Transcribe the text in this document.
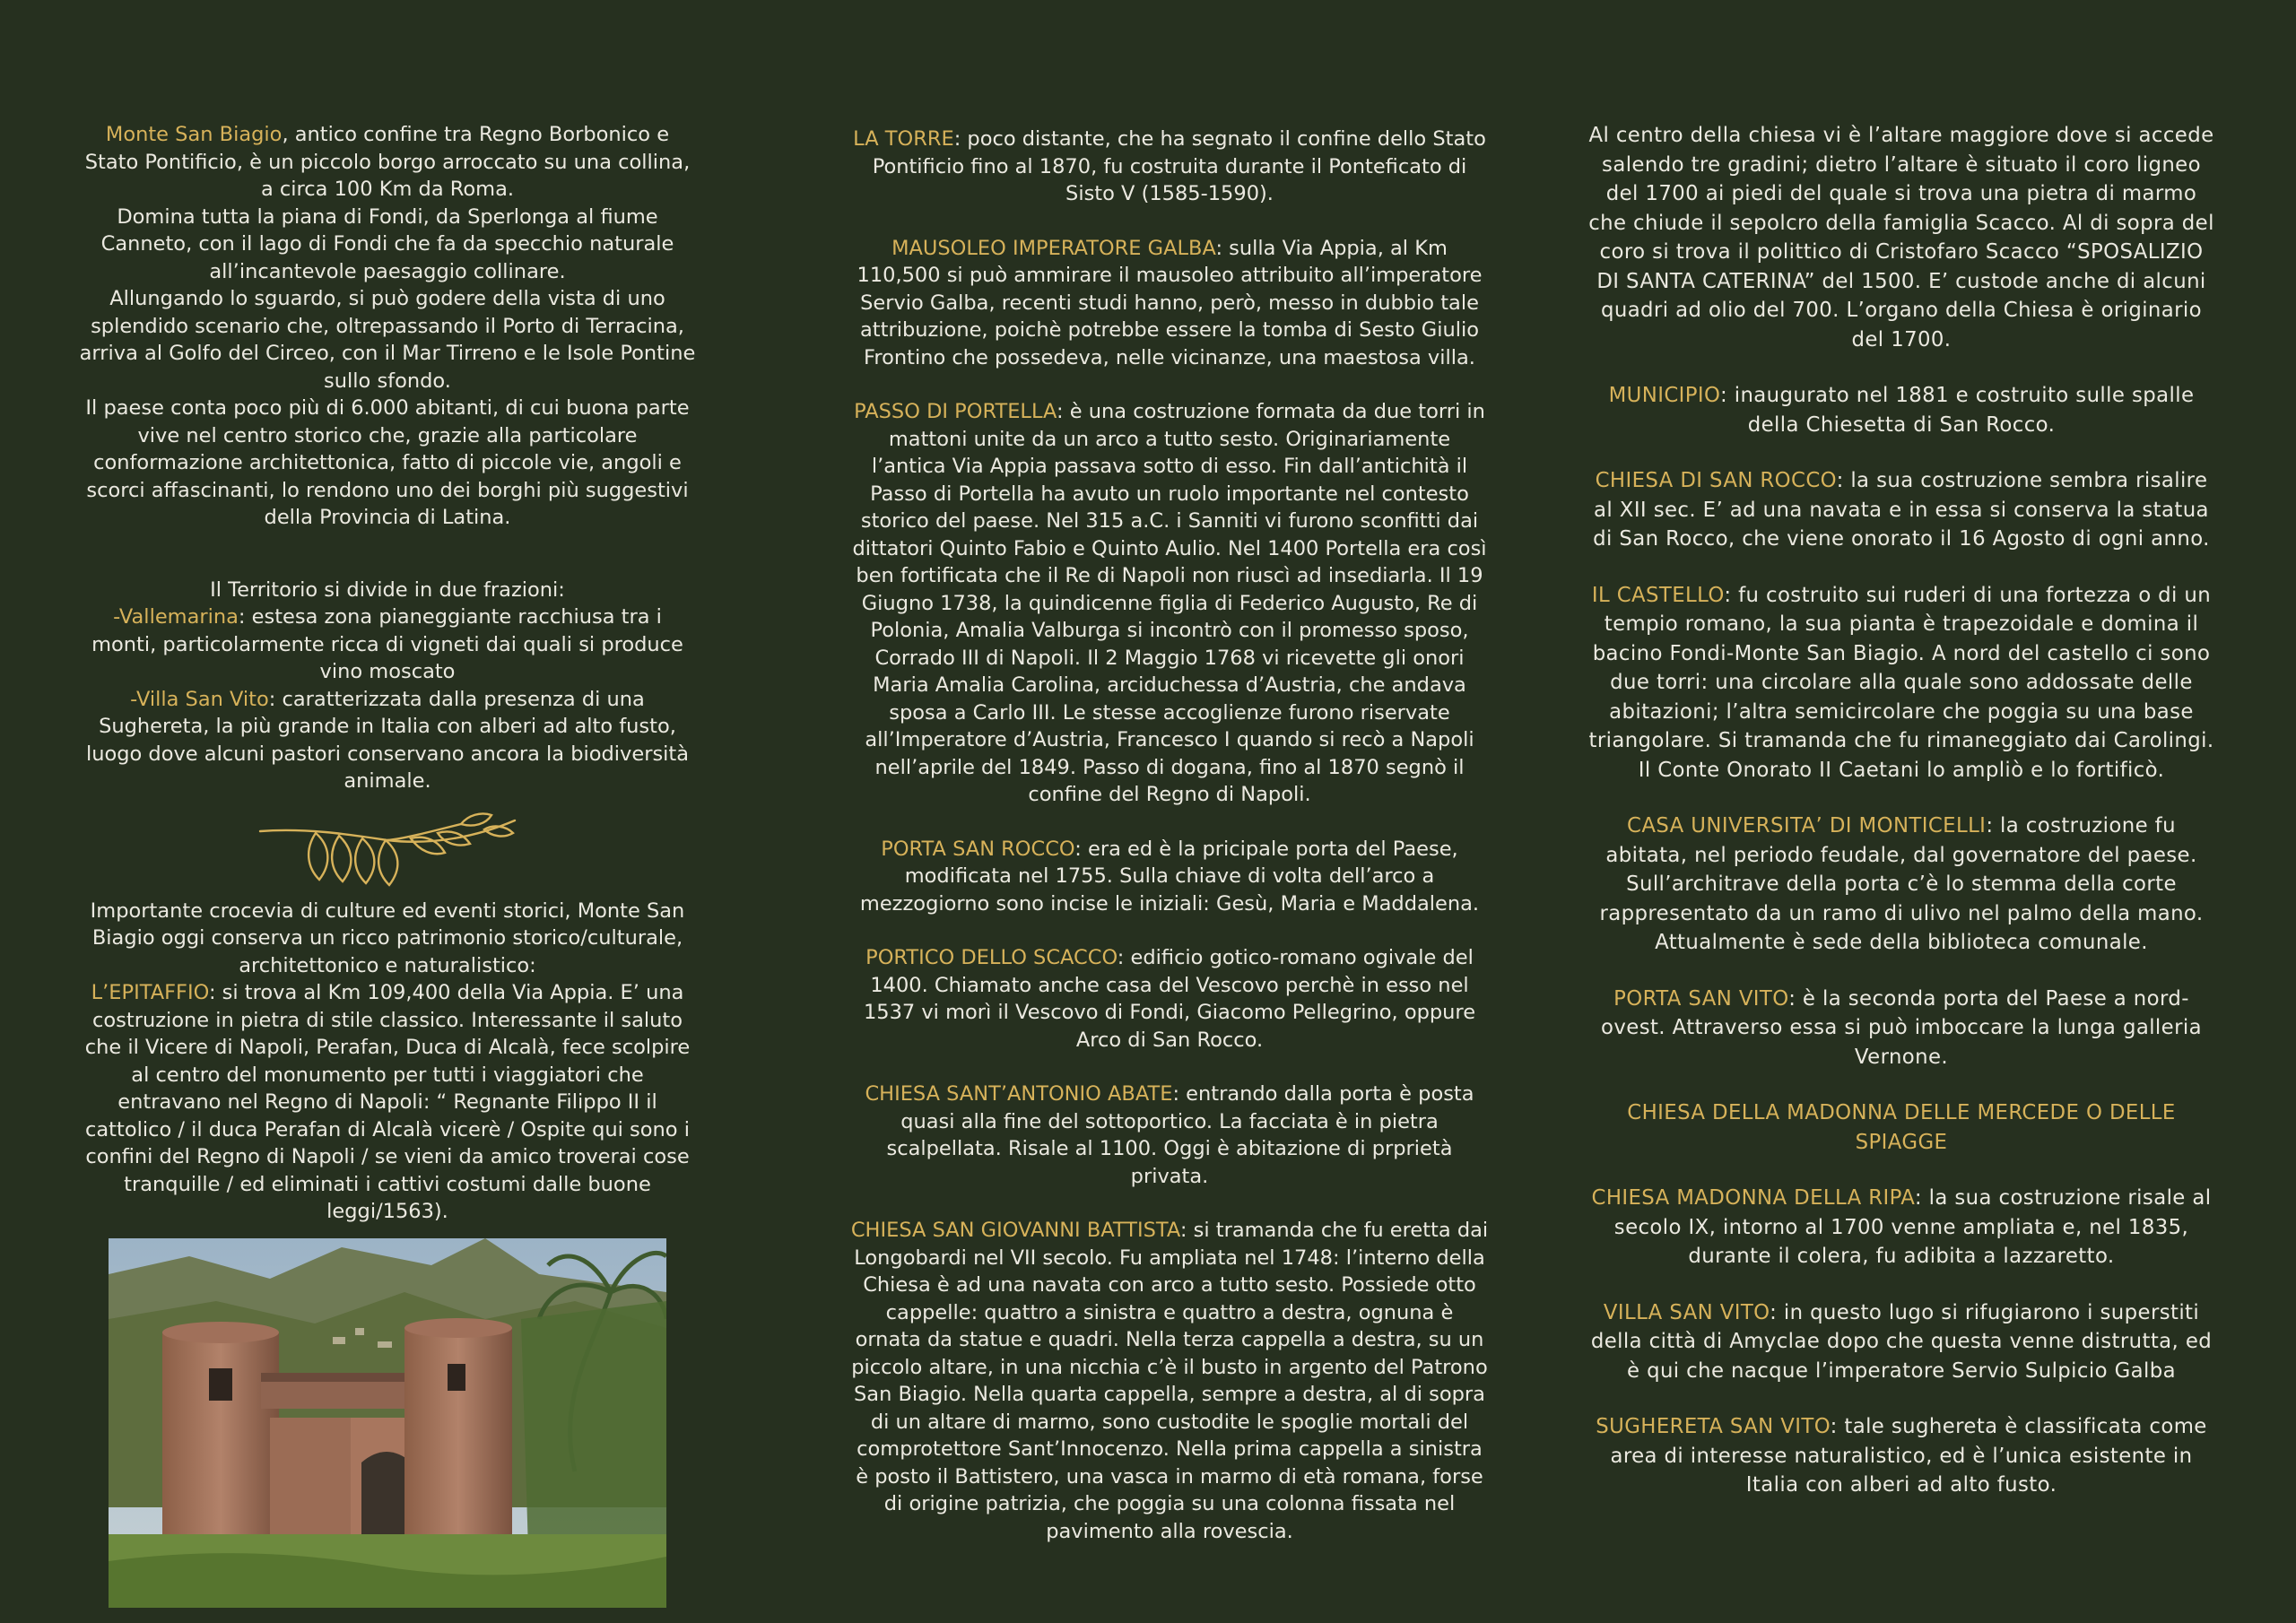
Monte San Biagio, antico confine tra Regno Borbonico e Stato Pontificio, è un piccolo borgo arroccato su una collina, a circa 100 Km da Roma.

Domina tutta la piana di Fondi, da Sperlonga al fiume Canneto, con il lago di Fondi che fa da specchio naturale all’incantevole paesaggio collinare.

Allungando lo sguardo, si può godere della vista di uno splendido scenario che, oltrepassando il Porto di Terracina, arriva al Golfo del Circeo, con il Mar Tirreno e le Isole Pontine sullo sfondo.

Il paese conta poco più di 6.000 abitanti, di cui buona parte vive nel centro storico che, grazie alla particolare conformazione architettonica, fatto di piccole vie, angoli e scorci affascinanti, lo rendono uno dei borghi più suggestivi della Provincia di Latina.

Il Territorio si divide in due frazioni:

-Vallemarina: estesa zona pianeggiante racchiusa tra i monti, particolarmente ricca di vigneti dai quali si produce vino moscato

-Villa San Vito: caratterizzata dalla presenza di una Sughereta, la più grande in Italia con alberi ad alto fusto, luogo dove alcuni pastori conservano ancora la biodiversità animale.

Importante crocevia di culture ed eventi storici, Monte San Biagio oggi conserva un ricco patrimonio storico/culturale, architettonico e naturalistico:

L’EPITAFFIO: si trova al Km 109,400 della Via Appia. E’ una costruzione in pietra di stile classico. Interessante il saluto che il Vicere di Napoli, Perafan, Duca di Alcalà, fece scolpire al centro del monumento per tutti i viaggiatori che entravano nel Regno di Napoli: “ Regnante Filippo II il cattolico / il duca Perafan di Alcalà vicerè / Ospite qui sono i confini del Regno di Napoli / se vieni da amico troverai cose tranquille / ed eliminati i cattivi costumi dalle buone leggi/1563).

LA TORRE: poco distante, che ha segnato il confine dello Stato Pontificio fino al 1870, fu costruita durante il Ponteficato di Sisto V (1585-1590).

MAUSOLEO IMPERATORE GALBA: sulla Via Appia, al Km 110,500 si può ammirare il mausoleo attribuito all’imperatore Servio Galba, recenti studi hanno, però, messo in dubbio tale attribuzione, poichè potrebbe essere la tomba di Sesto Giulio Frontino che possedeva, nelle vicinanze, una maestosa villa.

PASSO DI PORTELLA: è una costruzione formata da due torri in mattoni unite da un arco a tutto sesto. Originariamente l’antica Via Appia passava sotto di esso. Fin dall’antichità il Passo di Portella ha avuto un ruolo importante nel contesto storico del paese. Nel 315 a.C. i Sanniti vi furono sconfitti dai dittatori Quinto Fabio e Quinto Aulio. Nel 1400 Portella era così ben fortificata che il Re di Napoli non riuscì ad insediarla. Il 19 Giugno 1738, la quindicenne figlia di Federico Augusto, Re di Polonia, Amalia Valburga si incontrò con il promesso sposo, Corrado III di Napoli. Il 2 Maggio 1768 vi ricevette gli onori Maria Amalia Carolina, arciduchessa d’Austria, che andava sposa a Carlo III. Le stesse accoglienze furono riservate all’Imperatore d’Austria, Francesco I quando si recò a Napoli nell’aprile del 1849. Passo di dogana, fino al 1870 segnò il confine del Regno di Napoli.

PORTA SAN ROCCO: era ed è la pricipale porta del Paese, modificata nel 1755. Sulla chiave di volta dell’arco a mezzogiorno sono incise le iniziali: Gesù, Maria e Maddalena.

PORTICO DELLO SCACCO: edificio gotico-romano ogivale del 1400. Chiamato anche casa del Vescovo perchè in esso nel 1537 vi morì il Vescovo di Fondi, Giacomo Pellegrino, oppure Arco di San Rocco.

CHIESA SANT’ANTONIO ABATE: entrando dalla porta è posta quasi alla fine del sottoportico. La facciata è in pietra scalpellata. Risale al 1100. Oggi è abitazione di prprietà privata.

CHIESA SAN GIOVANNI BATTISTA: si tramanda che fu eretta dai Longobardi nel VII secolo. Fu ampliata nel 1748: l’interno della Chiesa è ad una navata con arco a tutto sesto. Possiede otto cappelle: quattro a sinistra e quattro a destra, ognuna è ornata da statue e quadri. Nella terza cappella a destra, su un piccolo altare, in una nicchia c’è il busto in argento del Patrono San Biagio. Nella quarta cappella, sempre a destra, al di sopra di un altare di marmo, sono custodite le spoglie mortali del comprotettore Sant’Innocenzo. Nella prima cappella a sinistra è posto il Battistero, una vasca in marmo di età romana, forse di origine patrizia, che poggia su una colonna fissata nel pavimento alla rovescia.

Al centro della chiesa vi è l’altare maggiore dove si accede salendo tre gradini; dietro l’altare è situato il coro ligneo del 1700 ai piedi del quale si trova una pietra di marmo che chiude il sepolcro della famiglia Scacco. Al di sopra del coro si trova il polittico di Cristofaro Scacco “SPOSALIZIO DI SANTA CATERINA” del 1500. E’ custode anche di alcuni quadri ad olio del 700. L’organo della Chiesa è originario del 1700.

MUNICIPIO: inaugurato nel 1881 e costruito sulle spalle della Chiesetta di San Rocco.

CHIESA DI SAN ROCCO: la sua costruzione sembra risalire al XII sec. E’ ad una navata e in essa si conserva la statua di San Rocco, che viene onorato il 16 Agosto di ogni anno.

IL CASTELLO: fu costruito sui ruderi di una fortezza o di un tempio romano, la sua pianta è trapezoidale e domina il bacino Fondi-Monte San Biagio. A nord del castello ci sono due torri: una circolare alla quale sono addossate delle abitazioni; l’altra semicircolare che poggia su una base triangolare. Si tramanda che fu rimaneggiato dai Carolingi. Il Conte Onorato II Caetani lo ampliò e lo fortificò.

CASA UNIVERSITA’ DI MONTICELLI: la costruzione fu abitata, nel periodo feudale, dal governatore del paese. Sull’architrave della porta c’è lo stemma della corte rappresentato da un ramo di ulivo nel palmo della mano. Attualmente è sede della biblioteca comunale.

PORTA SAN VITO: è la seconda porta del Paese a nord-ovest. Attraverso essa si può imboccare la lunga galleria Vernone.

CHIESA DELLA MADONNA DELLE MERCEDE O DELLE SPIAGGE

CHIESA MADONNA DELLA RIPA: la sua costruzione risale al secolo IX, intorno al 1700 venne ampliata e, nel 1835, durante il colera, fu adibita a lazzaretto.

VILLA SAN VITO: in questo lugo si rifugiarono i superstiti della città di Amyclae dopo che questa venne distrutta, ed è qui che nacque l’imperatore Servio Sulpicio Galba

SUGHERETA SAN VITO: tale sughereta è classificata come area di interesse naturalistico, ed è l’unica esistente in Italia con alberi ad alto fusto.
